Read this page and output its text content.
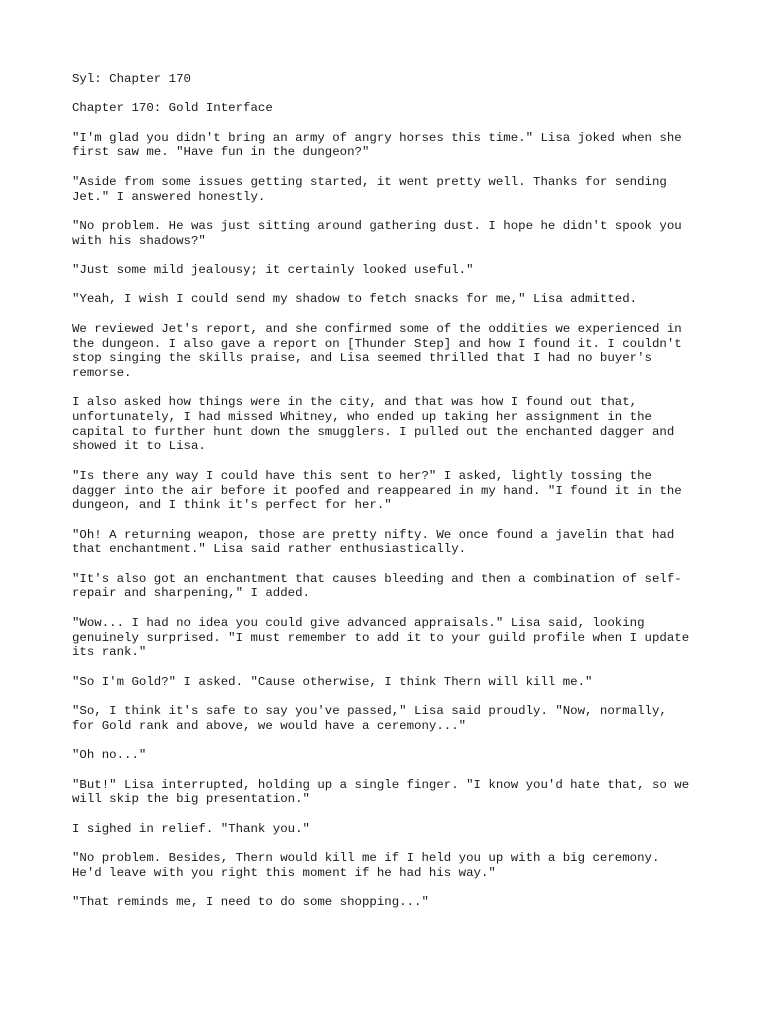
Syl: Chapter 170

Chapter 170: Gold Interface

"I'm glad you didn't bring an army of angry horses this time." Lisa joked when she
first saw me. "Have fun in the dungeon?"

"Aside from some issues getting started, it went pretty well. Thanks for sending
Jet." I answered honestly.

"No problem. He was just sitting around gathering dust. I hope he didn't spook you
with his shadows?"

"Just some mild jealousy; it certainly looked useful."

"Yeah, I wish I could send my shadow to fetch snacks for me," Lisa admitted.

We reviewed Jet's report, and she confirmed some of the oddities we experienced in
the dungeon. I also gave a report on [Thunder Step] and how I found it. I couldn't
stop singing the skills praise, and Lisa seemed thrilled that I had no buyer's
remorse.

I also asked how things were in the city, and that was how I found out that,
unfortunately, I had missed Whitney, who ended up taking her assignment in the
capital to further hunt down the smugglers. I pulled out the enchanted dagger and
showed it to Lisa.

"Is there any way I could have this sent to her?" I asked, lightly tossing the
dagger into the air before it poofed and reappeared in my hand. "I found it in the
dungeon, and I think it's perfect for her."

"Oh! A returning weapon, those are pretty nifty. We once found a javelin that had
that enchantment." Lisa said rather enthusiastically.

"It's also got an enchantment that causes bleeding and then a combination of self-
repair and sharpening," I added.

"Wow... I had no idea you could give advanced appraisals." Lisa said, looking
genuinely surprised. "I must remember to add it to your guild profile when I update
its rank."

"So I'm Gold?" I asked. "Cause otherwise, I think Thern will kill me."

"So, I think it's safe to say you've passed," Lisa said proudly. "Now, normally,
for Gold rank and above, we would have a ceremony..."

"Oh no..."

"But!" Lisa interrupted, holding up a single finger. "I know you'd hate that, so we
will skip the big presentation."

I sighed in relief. "Thank you."

"No problem. Besides, Thern would kill me if I held you up with a big ceremony.
He'd leave with you right this moment if he had his way."

"That reminds me, I need to do some shopping..."
